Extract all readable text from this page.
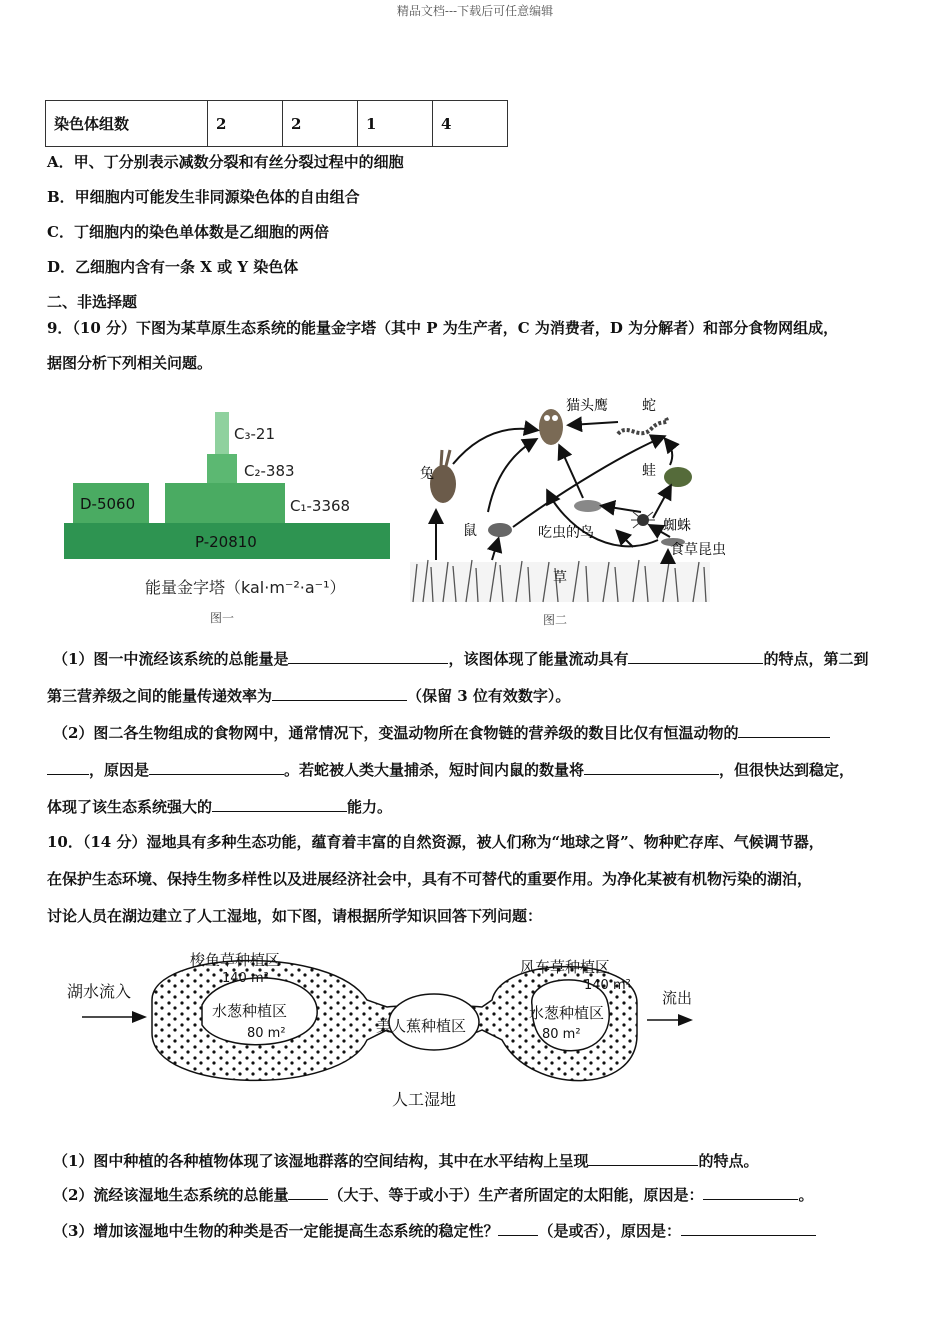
精品文档---下载后可任意编辑
染色体组数	2	2	1	4
A．甲、丁分别表示减数分裂和有丝分裂过程中的细胞
B．甲细胞内可能发生非同源染色体的自由组合
C．丁细胞内的染色单体数是乙细胞的两倍
D．乙细胞内含有一条 X 或 Y 染色体
二、非选择题
9．（10 分）下图为某草原生态系统的能量金字塔（其中 P 为生产者，C 为消费者，D 为分解者）和部分食物网组成，
据图分析下列相关问题。
C₃-21
C₂-383
C₁-3368
D-5060
P-20810
能量金字塔（kal·m⁻²·a⁻¹）
图一
猫头鹰 蛇
兔	蛙
鼠	吃虫的鸟	蜘蛛
食草昆虫
草
图二
（1）图一中流经该系统的总能量是	，该图体现了能量流动具有	的特点，第二到
第三营养级之间的能量传递效率为	（保留 3 位有效数字）。
（2）图二各生物组成的食物网中，通常情况下，变温动物所在食物链的营养级的数目比仅有恒温动物的
，原因是	。若蛇被人类大量捕杀，短时间内鼠的数量将	，但很快达到稳定，
体现了该生态系统强大的	能力。
10．（14 分）湿地具有多种生态功能，蕴育着丰富的自然资源，被人们称为“地球之肾”、物种贮存库、气候调节器，
在保护生态环境、保持生物多样性以及进展经济社会中，具有不可替代的重要作用。为净化某被有机物污染的湖泊，
讨论人员在湖边建立了人工湿地，如下图，请根据所学知识回答下列问题：
湖水流入	流出
梭鱼草种植区
140 m²
水葱种植区
80 m²	美人蕉种植区
风车草种植区
140 m²
水葱种植区
80 m²
人工湿地
（1）图中种植的各种植物体现了该湿地群落的空间结构，其中在水平结构上呈现	的特点。
（2）流经该湿地生态系统的总能量	（大于、等于或小于）生产者所固定的太阳能，原因是：	。
（3）增加该湿地中生物的种类是否一定能提高生态系统的稳定性？	（是或否），原因是：
